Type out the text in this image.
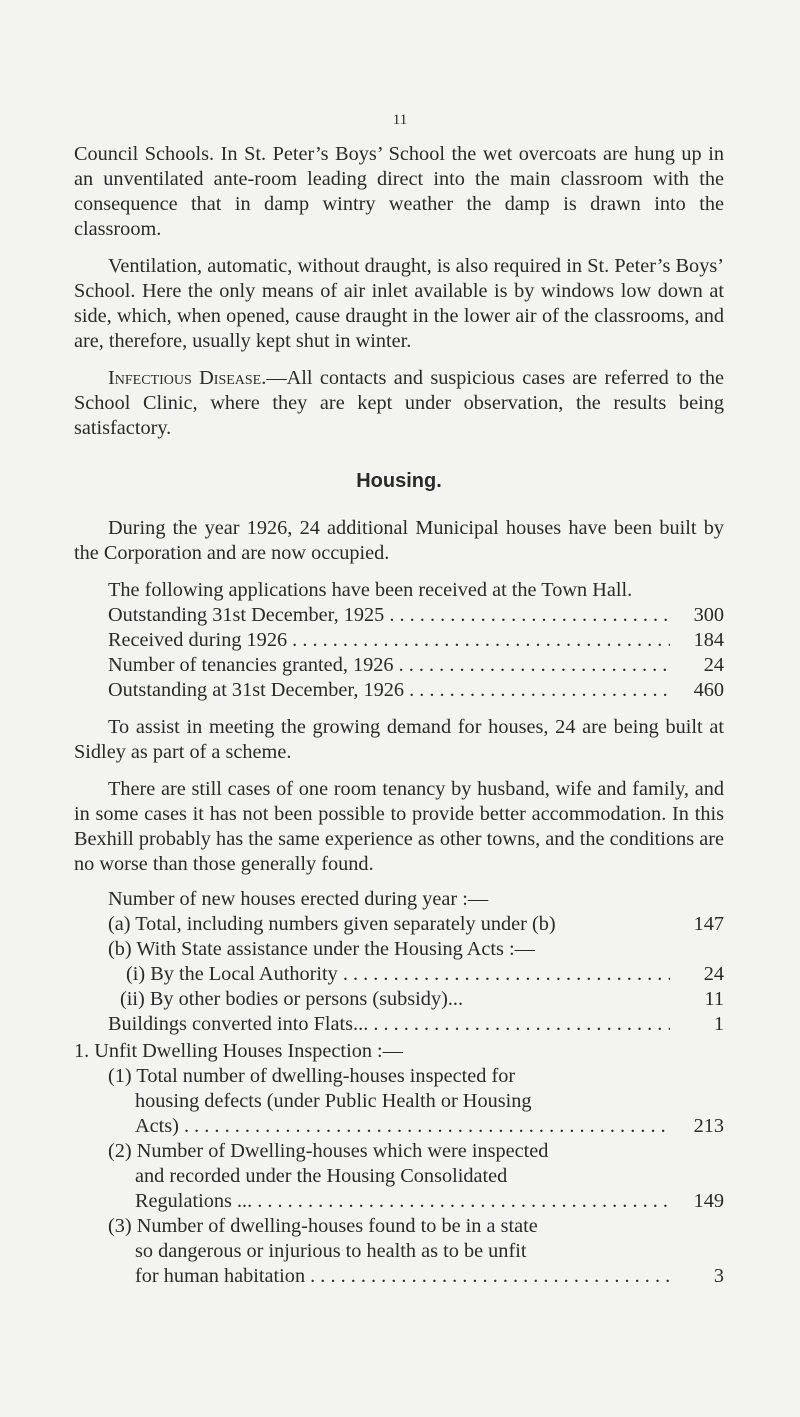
11

Council Schools. In St. Peter’s Boys’ School the wet overcoats are hung up in an unventilated ante-room leading direct into the main classroom with the consequence that in damp wintry weather the damp is drawn into the classroom.

Ventilation, automatic, without draught, is also required in St. Peter’s Boys’ School. Here the only means of air inlet available is by windows low down at side, which, when opened, cause draught in the lower air of the classrooms, and are, therefore, usually kept shut in winter.

Infectious Disease.—All contacts and suspicious cases are referred to the School Clinic, where they are kept under observation, the results being satisfactory.

Housing.

During the year 1926, 24 additional Municipal houses have been built by the Corporation and are now occupied.

The following applications have been received at the Town Hall.

Outstanding 31st December, 1925 . . .	300
Received during 1926 . . .	184
Number of tenancies granted, 1926 . . .	24
Outstanding at 31st December, 1926 . . .	460

To assist in meeting the growing demand for houses, 24 are being built at Sidley as part of a scheme.

There are still cases of one room tenancy by husband, wife and family, and in some cases it has not been possible to provide better accommodation. In this Bexhill probably has the same experience as other towns, and the conditions are no worse than those generally found.

Number of new houses erected during year :—
(a) Total, including numbers given separately under (b)	147
(b) With State assistance under the Housing Acts :—
(i) By the Local Authority . . .	24
(ii) By other bodies or persons (subsidy)...	11
Buildings converted into Flats... . . .	1
1. Unfit Dwelling Houses Inspection :—
(1) Total number of dwelling-houses inspected for
housing defects (under Public Health or Housing
Acts) . . .	213
(2) Number of Dwelling-houses which were inspected
and recorded under the Housing Consolidated
Regulations ... . . .	149
(3) Number of dwelling-houses found to be in a state
so dangerous or injurious to health as to be unfit
for human habitation . . .	3
